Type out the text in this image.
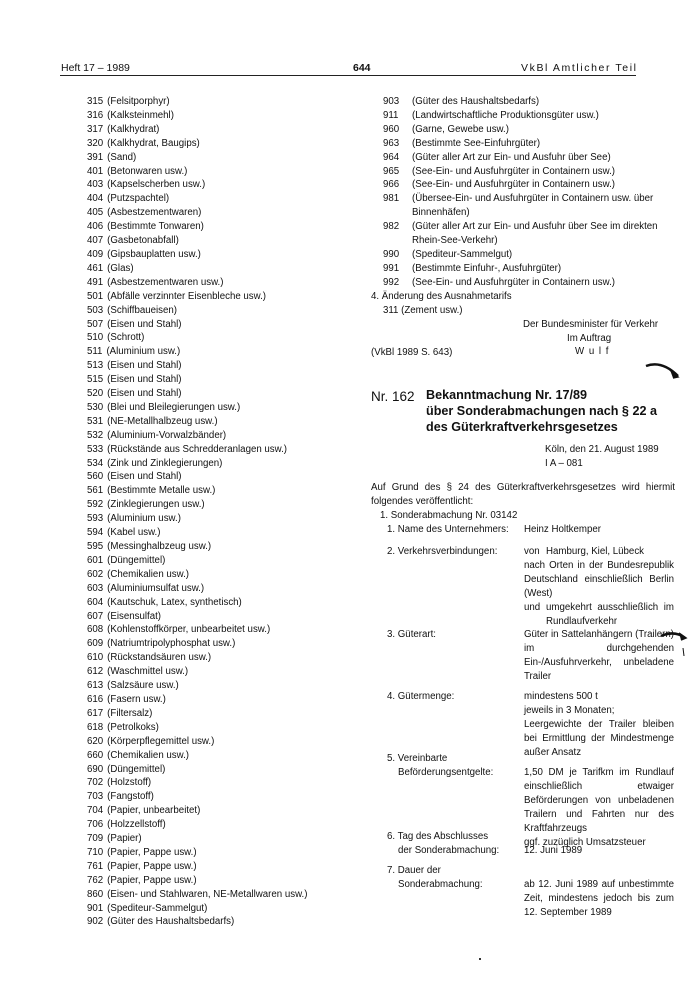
Heft 17 – 1989	644	VkBl Amtlicher Teil
315 (Felsitporphyr)
316 (Kalksteinmehl)
317 (Kalkhydrat)
320 (Kalkhydrat, Baugips)
391 (Sand)
401 (Betonwaren usw.)
403 (Kapselscherben usw.)
404 (Putzspachtel)
405 (Asbestzementwaren)
406 (Bestimmte Tonwaren)
407 (Gasbetonabfall)
409 (Gipsbauplatten usw.)
461 (Glas)
491 (Asbestzementwaren usw.)
501 (Abfälle verzinnter Eisenbleche usw.)
503 (Schiffbaueisen)
507 (Eisen und Stahl)
510 (Schrott)
511 (Aluminium usw.)
513 (Eisen und Stahl)
515 (Eisen und Stahl)
520 (Eisen und Stahl)
530 (Blei und Bleilegierungen usw.)
531 (NE-Metallhalbzeug usw.)
532 (Aluminium-Vorwalzbänder)
533 (Rückstände aus Schredderanlagen usw.)
534 (Zink und Zinklegierungen)
560 (Eisen und Stahl)
561 (Bestimmte Metalle usw.)
592 (Zinklegierungen usw.)
593 (Aluminium usw.)
594 (Kabel usw.)
595 (Messinghalbzeug usw.)
601 (Düngemittel)
602 (Chemikalien usw.)
603 (Aluminiumsulfat usw.)
604 (Kautschuk, Latex, synthetisch)
607 (Eisensulfat)
608 (Kohlenstoffkörper, unbearbeitet usw.)
609 (Natriumtripolyphosphat usw.)
610 (Rückstandsäuren usw.)
612 (Waschmittel usw.)
613 (Salzsäure usw.)
616 (Fasern usw.)
617 (Filtersalz)
618 (Petrolkoks)
620 (Körperpflegemittel usw.)
660 (Chemikalien usw.)
690 (Düngemittel)
702 (Holzstoff)
703 (Fangstoff)
704 (Papier, unbearbeitet)
706 (Holzzellstoff)
709 (Papier)
710 (Papier, Pappe usw.)
761 (Papier, Pappe usw.)
762 (Papier, Pappe usw.)
860 (Eisen- und Stahlwaren, NE-Metallwaren usw.)
901 (Spediteur-Sammelgut)
902 (Güter des Haushaltsbedarfs)
903	(Güter des Haushaltsbedarfs)
911	(Landwirtschaftliche Produktionsgüter usw.)
960	(Garne, Gewebe usw.)
963	(Bestimmte See-Einfuhrgüter)
964	(Güter aller Art zur Ein- und Ausfuhr über See)
965	(See-Ein- und Ausfuhrgüter in Containern usw.)
966	(See-Ein- und Ausfuhrgüter in Containern usw.)
981	(Übersee-Ein- und Ausfuhrgüter in Containern usw. über Binnenhäfen)
982	(Güter aller Art zur Ein- und Ausfuhr über See im direkten Rhein-See-Verkehr)
990	(Spediteur-Sammelgut)
991	(Bestimmte Einfuhr-, Ausfuhrgüter)
992	(See-Ein- und Ausfuhrgüter in Containern usw.)
4. Änderung des Ausnahmetarifs
311 (Zement usw.)
Der Bundesminister für Verkehr
Im Auftrag
W u l f
(VkBl 1989 S. 643)
Nr. 162 Bekanntmachung Nr. 17/89
über Sonderabmachungen nach § 22 a
des Güterkraftverkehrsgesetzes
Köln, den 21. August 1989
I A – 081
Auf Grund des § 24 des Güterkraftverkehrsgesetzes wird hiermit folgendes veröffentlicht:
1. Sonderabmachung Nr. 03142
1. Name des Unternehmers:	Heinz Holtkemper
2. Verkehrsverbindungen:	von Hamburg, Kiel, Lübeck
nach Orten in der Bundesrepublik Deutschland einschließlich Berlin (West)
und umgekehrt ausschließlich im Rundlaufverkehr
3. Güterart:	Güter in Sattelanhängern (Trailern) im durchgehenden Ein-/Ausfuhrverkehr, unbeladene Trailer
4. Gütermenge:	mindestens 500 t
jeweils in 3 Monaten;
Leergewichte der Trailer bleiben bei Ermittlung der Mindestmenge außer Ansatz
5. Vereinbarte
Beförderungsentgelte:	1,50 DM je Tarifkm im Rundlauf einschließlich etwaiger Beförderungen von unbeladenen Trailern und Fahrten nur des Kraftfahrzeugs
ggf. zuzüglich Umsatzsteuer
6. Tag des Abschlusses
der Sonderabmachung:	12. Juni 1989
7. Dauer der
Sonderabmachung:	ab 12. Juni 1989 auf unbestimmte Zeit, mindestens jedoch bis zum 12. September 1989
